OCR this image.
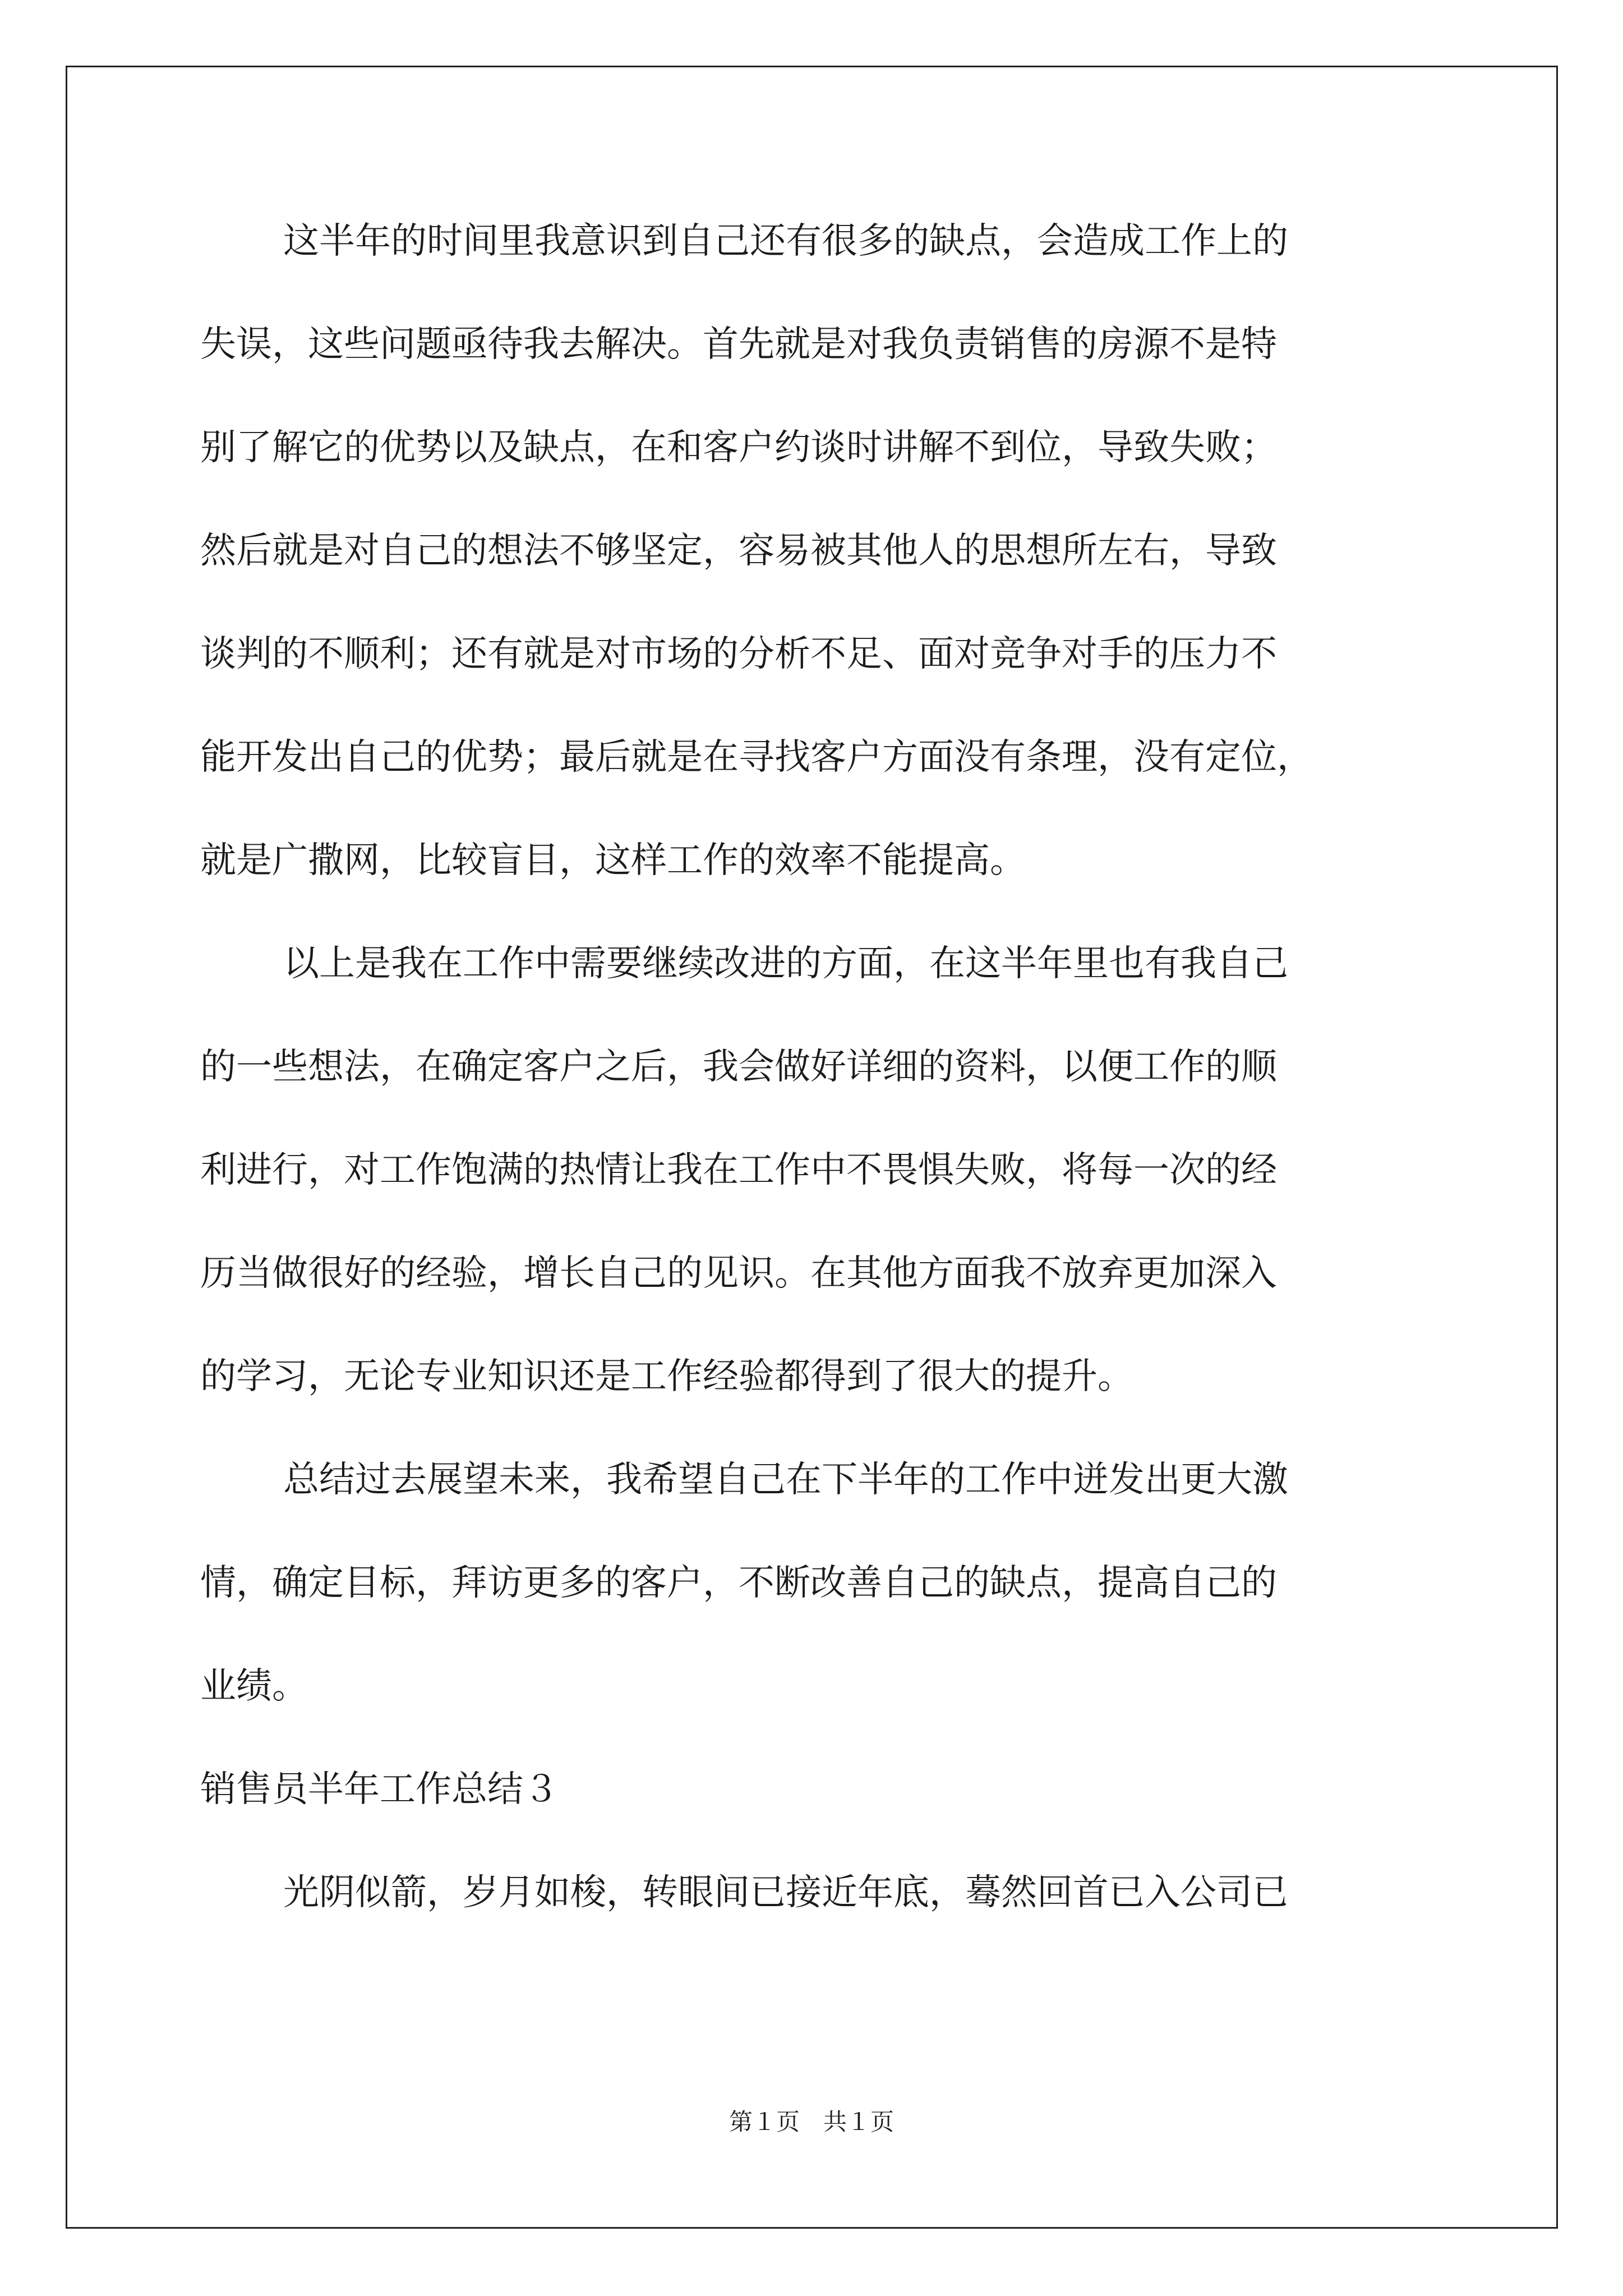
这半年的时间里我意识到自己还有很多的缺点，会造成工作上的
失误，这些问题亟待我去解决。首先就是对我负责销售的房源不是特
别了解它的优势以及缺点，在和客户约谈时讲解不到位，导致失败；
然后就是对自己的想法不够坚定，容易被其他人的思想所左右，导致
谈判的不顺利；还有就是对市场的分析不足、面对竞争对手的压力不
能开发出自己的优势；最后就是在寻找客户方面没有条理，没有定位，
就是广撒网，比较盲目，这样工作的效率不能提高。
以上是我在工作中需要继续改进的方面，在这半年里也有我自己
的一些想法，在确定客户之后，我会做好详细的资料，以便工作的顺
利进行，对工作饱满的热情让我在工作中不畏惧失败，将每一次的经
历当做很好的经验，增长自己的见识。在其他方面我不放弃更加深入
的学习，无论专业知识还是工作经验都得到了很大的提升。
总结过去展望未来，我希望自己在下半年的工作中迸发出更大激
情，确定目标，拜访更多的客户，不断改善自己的缺点，提高自己的
业绩。
销售员半年工作总结３
光阴似箭，岁月如梭，转眼间已接近年底，蓦然回首已入公司已
第１页　共１页
